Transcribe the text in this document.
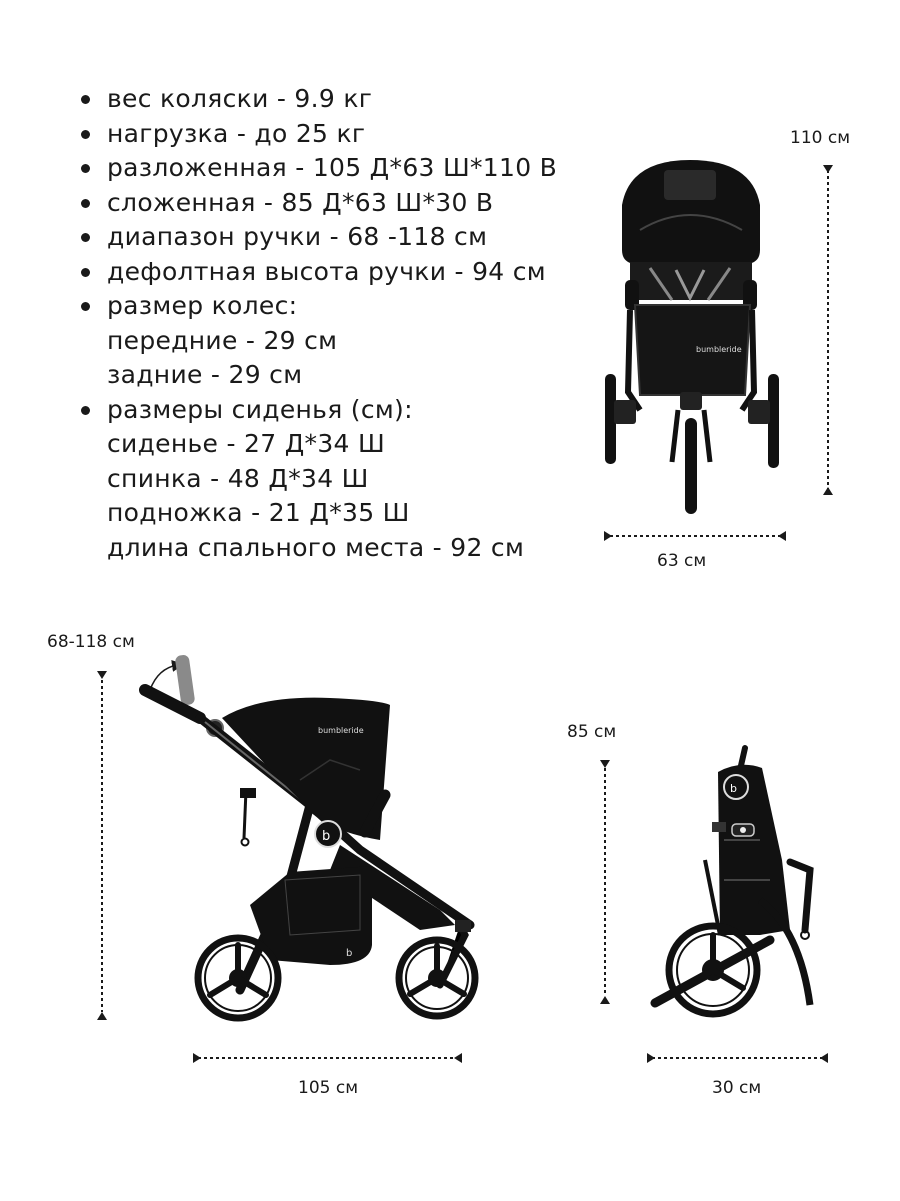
вес коляски - 9.9 кг
нагрузка - до 25 кг
разложенная - 105 Д*63 Ш*110 В
сложенная - 85 Д*63 Ш*30 В
диапазон ручки - 68 -118 см
дефолтная высота ручки - 94 см
размер колес:
передние - 29 см
задние - 29 см
размеры сиденья (см):
сиденье - 27 Д*34 Ш
спинка - 48 Д*34 Ш
подножка - 21 Д*35 Ш
длина спального места - 92 см
110 см
63 см
68-118 см
105 см
85 см
30 см
bumbleride
bumbleride
b
b
b
